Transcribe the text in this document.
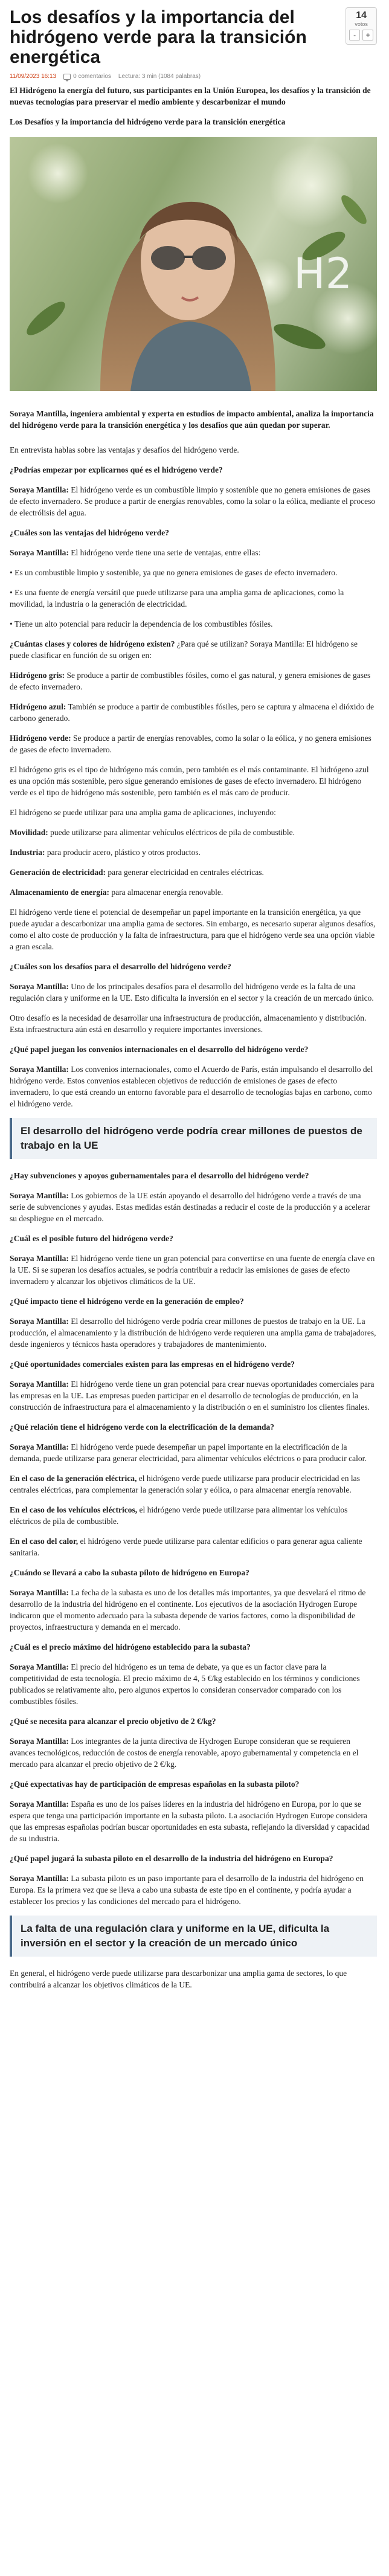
Los desafíos y la importancia del hidrógeno verde para la transición energética
14
votos
-	+
11/09/2023 16:13	0 comentarios Lectura: 3 min (1084 palabras)

El Hidrógeno la energía del futuro, sus participantes en la Unión Europea, los desafíos y la transición de nuevas tecnologías para preservar el medio ambiente y descarbonizar el mundo

Los Desafíos y la importancia del hidrógeno verde para la transición energética

H2

Soraya Mantilla, ingeniera ambiental y experta en estudios de impacto ambiental, analiza la importancia del hidrógeno verde para la transición energética y los desafíos que aún quedan por superar.

En entrevista hablas sobre las ventajas y desafíos del hidrógeno verde.

¿Podrías empezar por explicarnos qué es el hidrógeno verde?

Soraya Mantilla: El hidrógeno verde es un combustible limpio y sostenible que no genera emisiones de gases de efecto invernadero. Se produce a partir de energías renovables, como la solar o la eólica, mediante el proceso de electrólisis del agua.

¿Cuáles son las ventajas del hidrógeno verde?

Soraya Mantilla: El hidrógeno verde tiene una serie de ventajas, entre ellas:

• Es un combustible limpio y sostenible, ya que no genera emisiones de gases de efecto invernadero.

• Es una fuente de energía versátil que puede utilizarse para una amplia gama de aplicaciones, como la movilidad, la industria o la generación de electricidad.

• Tiene un alto potencial para reducir la dependencia de los combustibles fósiles.

¿Cuántas clases y colores de hidrógeno existen? ¿Para qué se utilizan? Soraya Mantilla: El hidrógeno se puede clasificar en función de su origen en:

Hidrógeno gris: Se produce a partir de combustibles fósiles, como el gas natural, y genera emisiones de gases de efecto invernadero.

Hidrógeno azul: También se produce a partir de combustibles fósiles, pero se captura y almacena el dióxido de carbono generado.

Hidrógeno verde: Se produce a partir de energías renovables, como la solar o la eólica, y no genera emisiones de gases de efecto invernadero.

El hidrógeno gris es el tipo de hidrógeno más común, pero también es el más contaminante. El hidrógeno azul es una opción más sostenible, pero sigue generando emisiones de gases de efecto invernadero. El hidrógeno verde es el tipo de hidrógeno más sostenible, pero también es el más caro de producir.

El hidrógeno se puede utilizar para una amplia gama de aplicaciones, incluyendo:

Movilidad: puede utilizarse para alimentar vehículos eléctricos de pila de combustible.

Industria: para producir acero, plástico y otros productos.

Generación de electricidad: para generar electricidad en centrales eléctricas.

Almacenamiento de energía: para almacenar energía renovable.

El hidrógeno verde tiene el potencial de desempeñar un papel importante en la transición energética, ya que puede ayudar a descarbonizar una amplia gama de sectores. Sin embargo, es necesario superar algunos desafíos, como el alto coste de producción y la falta de infraestructura, para que el hidrógeno verde sea una opción viable a gran escala.

¿Cuáles son los desafíos para el desarrollo del hidrógeno verde?

Soraya Mantilla: Uno de los principales desafíos para el desarrollo del hidrógeno verde es la falta de una regulación clara y uniforme en la UE. Esto dificulta la inversión en el sector y la creación de un mercado único.

Otro desafío es la necesidad de desarrollar una infraestructura de producción, almacenamiento y distribución. Esta infraestructura aún está en desarrollo y requiere importantes inversiones.

¿Qué papel juegan los convenios internacionales en el desarrollo del hidrógeno verde?

Soraya Mantilla: Los convenios internacionales, como el Acuerdo de París, están impulsando el desarrollo del hidrógeno verde. Estos convenios establecen objetivos de reducción de emisiones de gases de efecto invernadero, lo que está creando un entorno favorable para el desarrollo de tecnologías bajas en carbono, como el hidrógeno verde.

El desarrollo del hidrógeno verde podría crear millones de puestos de trabajo en la UE

¿Hay subvenciones y apoyos gubernamentales para el desarrollo del hidrógeno verde?

Soraya Mantilla: Los gobiernos de la UE están apoyando el desarrollo del hidrógeno verde a través de una serie de subvenciones y ayudas. Estas medidas están destinadas a reducir el coste de la producción y a acelerar su despliegue en el mercado.

¿Cuál es el posible futuro del hidrógeno verde?

Soraya Mantilla: El hidrógeno verde tiene un gran potencial para convertirse en una fuente de energía clave en la UE. Si se superan los desafíos actuales, se podría contribuir a reducir las emisiones de gases de efecto invernadero y alcanzar los objetivos climáticos de la UE.

¿Qué impacto tiene el hidrógeno verde en la generación de empleo?

Soraya Mantilla: El desarrollo del hidrógeno verde podría crear millones de puestos de trabajo en la UE. La producción, el almacenamiento y la distribución de hidrógeno verde requieren una amplia gama de trabajadores, desde ingenieros y técnicos hasta operadores y trabajadores de mantenimiento.

¿Qué oportunidades comerciales existen para las empresas en el hidrógeno verde?

Soraya Mantilla: El hidrógeno verde tiene un gran potencial para crear nuevas oportunidades comerciales para las empresas en la UE. Las empresas pueden participar en el desarrollo de tecnologías de producción, en la construcción de infraestructura para el almacenamiento y la distribución o en el suministro los clientes finales.

¿Qué relación tiene el hidrógeno verde con la electrificación de la demanda?

Soraya Mantilla: El hidrógeno verde puede desempeñar un papel importante en la electrificación de la demanda, puede utilizarse para generar electricidad, para alimentar vehículos eléctricos o para producir calor.

En el caso de la generación eléctrica, el hidrógeno verde puede utilizarse para producir electricidad en las centrales eléctricas, para complementar la generación solar y eólica, o para almacenar energía renovable.

En el caso de los vehículos eléctricos, el hidrógeno verde puede utilizarse para alimentar los vehículos eléctricos de pila de combustible.

En el caso del calor, el hidrógeno verde puede utilizarse para calentar edificios o para generar agua caliente sanitaria.

¿Cuándo se llevará a cabo la subasta piloto de hidrógeno en Europa?

Soraya Mantilla: La fecha de la subasta es uno de los detalles más importantes, ya que desvelará el ritmo de desarrollo de la industria del hidrógeno en el continente. Los ejecutivos de la asociación Hydrogen Europe indicaron que el momento adecuado para la subasta depende de varios factores, como la disponibilidad de proyectos, infraestructura y demanda en el mercado.

¿Cuál es el precio máximo del hidrógeno establecido para la subasta?

Soraya Mantilla: El precio del hidrógeno es un tema de debate, ya que es un factor clave para la competitividad de esta tecnología. El precio máximo de 4, 5 €/kg establecido en los términos y condiciones publicados se relativamente alto, pero algunos expertos lo consideran conservador comparado con los combustibles fósiles.

¿Qué se necesita para alcanzar el precio objetivo de 2 €/kg?

Soraya Mantilla: Los integrantes de la junta directiva de Hydrogen Europe consideran que se requieren avances tecnológicos, reducción de costos de energía renovable, apoyo gubernamental y competencia en el mercado para alcanzar el precio objetivo de 2 €/kg.

¿Qué expectativas hay de participación de empresas españolas en la subasta piloto?

Soraya Mantilla: España es uno de los países líderes en la industria del hidrógeno en Europa, por lo que se espera que tenga una participación importante en la subasta piloto. La asociación Hydrogen Europe considera que las empresas españolas podrían buscar oportunidades en esta subasta, reflejando la diversidad y capacidad de su industria.

¿Qué papel jugará la subasta piloto en el desarrollo de la industria del hidrógeno en Europa?

Soraya Mantilla: La subasta piloto es un paso importante para el desarrollo de la industria del hidrógeno en Europa. Es la primera vez que se lleva a cabo una subasta de este tipo en el continente, y podría ayudar a establecer los precios y las condiciones del mercado para el hidrógeno.

La falta de una regulación clara y uniforme en la UE, dificulta la inversión en el sector y la creación de un mercado único

En general, el hidrógeno verde puede utilizarse para descarbonizar una amplia gama de sectores, lo que contribuirá a alcanzar los objetivos climáticos de la UE.
